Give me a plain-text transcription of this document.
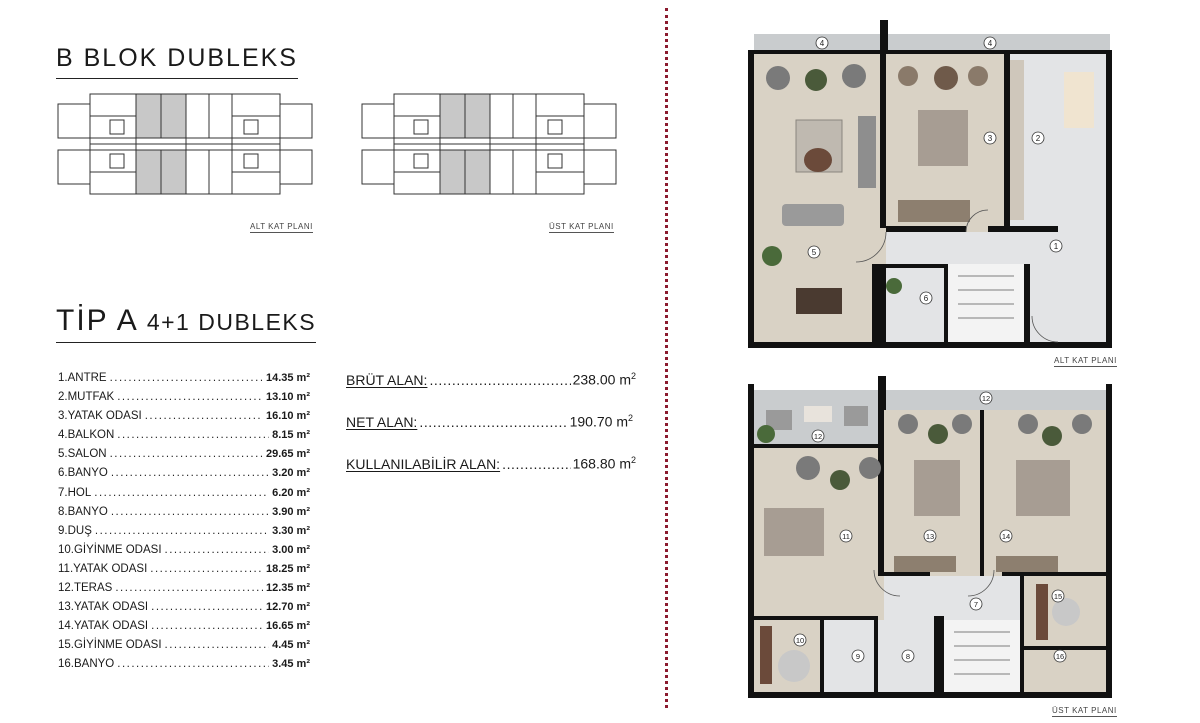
B BLOK DUBLEKS
ALT KAT PLANI	ÜST KAT PLANI
TİP A 4+1 DUBLEKS
1.ANTRE .....	14.35 m²
2.MUTFAK .....	13.10 m²
3.YATAK ODASI .....	16.10 m²
4.BALKON .....	8.15 m²
5.SALON .....	29.65 m²
6.BANYO .....	3.20 m²
7.HOL .....	6.20 m²
8.BANYO .....	3.90 m²
9.DUŞ .....	3.30 m²
10.GİYİNME ODASI .....	3.00 m²
11.YATAK ODASI .....	18.25 m²
12.TERAS .....	12.35 m²
13.YATAK ODASI .....	12.70 m²
14.YATAK ODASI .....	16.65 m²
15.GİYİNME ODASI .....	4.45 m²
16.BANYO .....	3.45 m²
BRÜT ALAN: .....	238.00 $m^2$
NET ALAN: .....	190.70 $m^2$
KULLANILABİLİR ALAN: .....	168.80 $m^2$
1
2
3
4	4
5
6
ALT KAT PLANI
7
8
9
10
11
12
12
13	14
15
16
ÜST KAT PLANI
